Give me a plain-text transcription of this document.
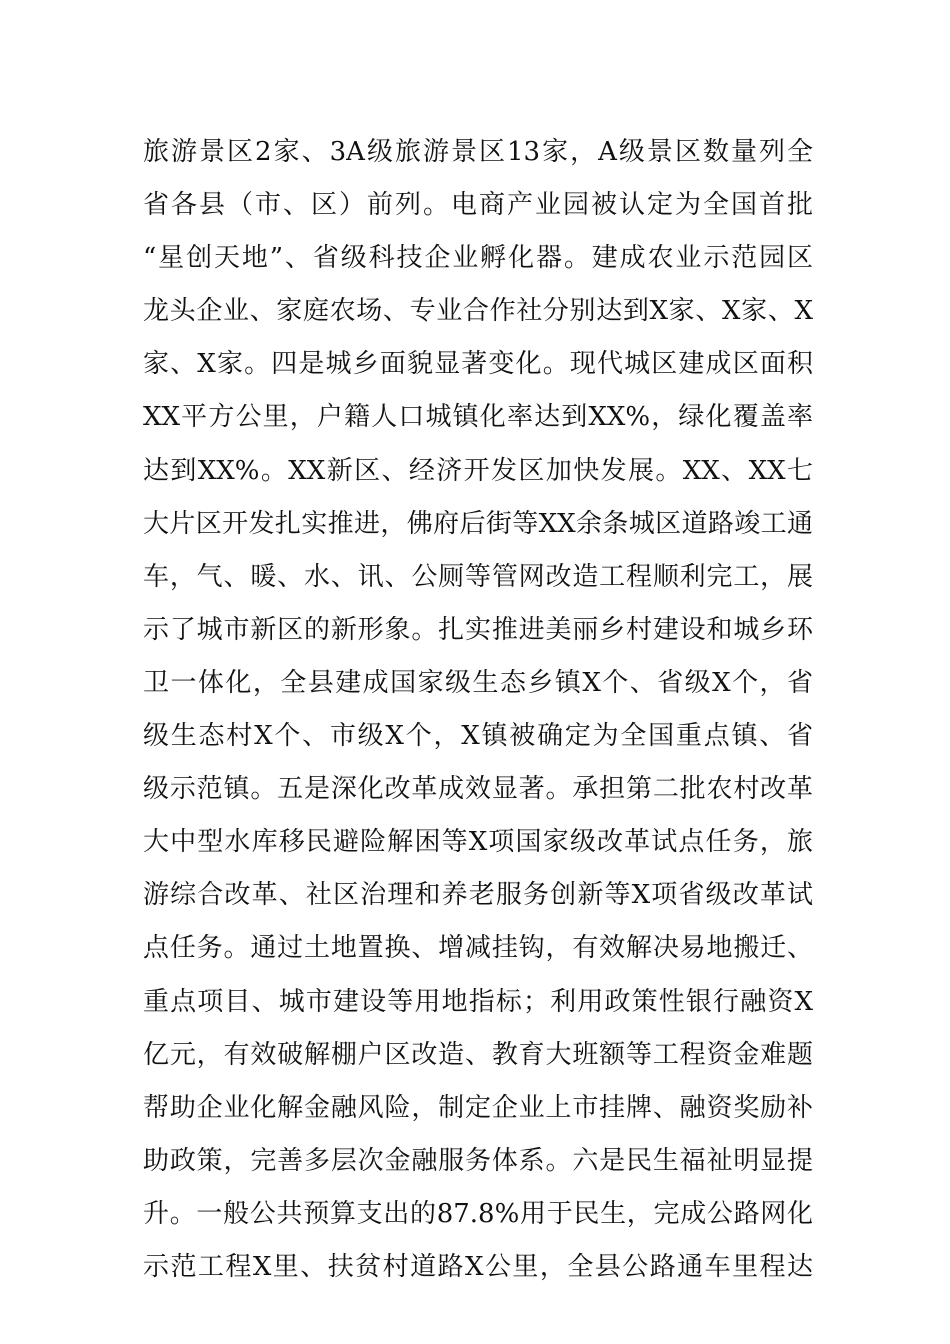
旅游景区2家、3A级旅游景区13家，A级景区数量列全
省各县（市、区）前列。电商产业园被认定为全国首批
“星创天地”、省级科技企业孵化器。建成农业示范园区
龙头企业、家庭农场、专业合作社分别达到X家、X家、X
家、X家。四是城乡面貌显著变化。现代城区建成区面积
XX平方公里，户籍人口城镇化率达到XX%，绿化覆盖率
达到XX%。XX新区、经济开发区加快发展。XX、XX七
大片区开发扎实推进，佛府后街等XX余条城区道路竣工通
车，气、暖、水、讯、公厕等管网改造工程顺利完工，展
示了城市新区的新形象。扎实推进美丽乡村建设和城乡环
卫一体化，全县建成国家级生态乡镇X个、省级X个，省
级生态村X个、市级X个，X镇被确定为全国重点镇、省
级示范镇。五是深化改革成效显著。承担第二批农村改革
大中型水库移民避险解困等X项国家级改革试点任务，旅
游综合改革、社区治理和养老服务创新等X项省级改革试
点任务。通过土地置换、增减挂钩，有效解决易地搬迁、
重点项目、城市建设等用地指标；利用政策性银行融资X
亿元，有效破解棚户区改造、教育大班额等工程资金难题
帮助企业化解金融风险，制定企业上市挂牌、融资奖励补
助政策，完善多层次金融服务体系。六是民生福祉明显提
升。一般公共预算支出的87.8%用于民生，完成公路网化
示范工程X里、扶贫村道路X公里，全县公路通车里程达
